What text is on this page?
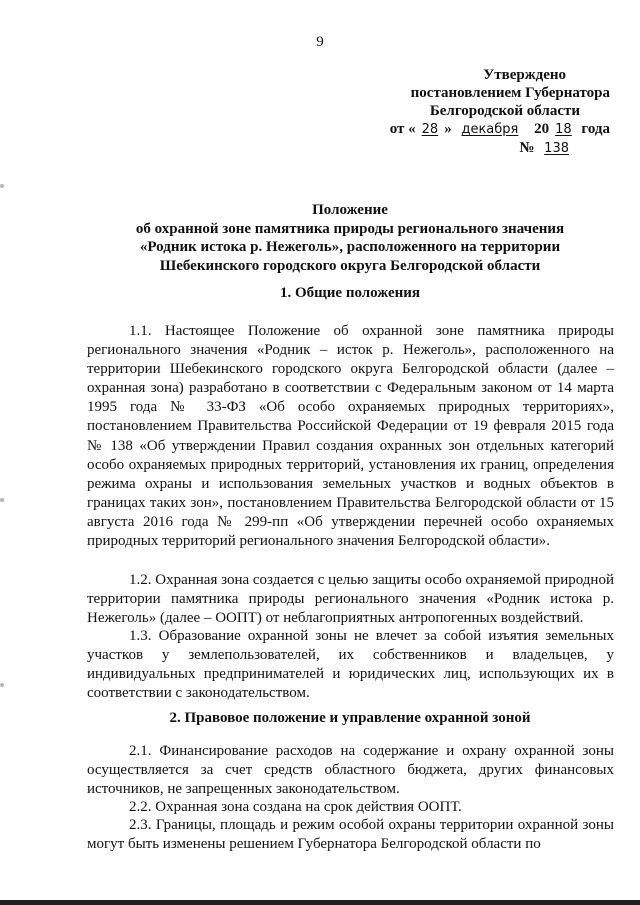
9
Утверждено
постановлением Губернатора
Белгородской области
от « 28 » декабря 20 18 года
№ 138
Положение
об охранной зоне памятника природы регионального значения
«Родник истока р. Нежеголь», расположенного на территории
Шебекинского городского округа Белгородской области
1. Общие положения
1.1. Настоящее Положение об охранной зоне памятника природы регионального значения «Родник – исток р. Нежеголь», расположенного на территории Шебекинского городского округа Белгородской области (далее – охранная зона) разработано в соответствии с Федеральным законом от 14 марта 1995 года № 33-ФЗ «Об особо охраняемых природных территориях», постановлением Правительства Российской Федерации от 19 февраля 2015 года № 138 «Об утверждении Правил создания охранных зон отдельных категорий особо охраняемых природных территорий, установления их границ, определения режима охраны и использования земельных участков и водных объектов в границах таких зон», постановлением Правительства Белгородской области от 15 августа 2016 года № 299-пп «Об утверждении перечней особо охраняемых природных территорий регионального значения Белгородской области».
1.2. Охранная зона создается с целью защиты особо охраняемой природной территории памятника природы регионального значения «Родник истока р. Нежеголь» (далее – ООПТ) от неблагоприятных антропогенных воздействий.
1.3. Образование охранной зоны не влечет за собой изъятия земельных участков у землепользователей, их собственников и владельцев, у индивидуальных предпринимателей и юридических лиц, использующих их в соответствии с законодательством.
2. Правовое положение и управление охранной зоной
2.1. Финансирование расходов на содержание и охрану охранной зоны осуществляется за счет средств областного бюджета, других финансовых источников, не запрещенных законодательством.
2.2. Охранная зона создана на срок действия ООПТ.
2.3. Границы, площадь и режим особой охраны территории охранной зоны могут быть изменены решением Губернатора Белгородской области по
